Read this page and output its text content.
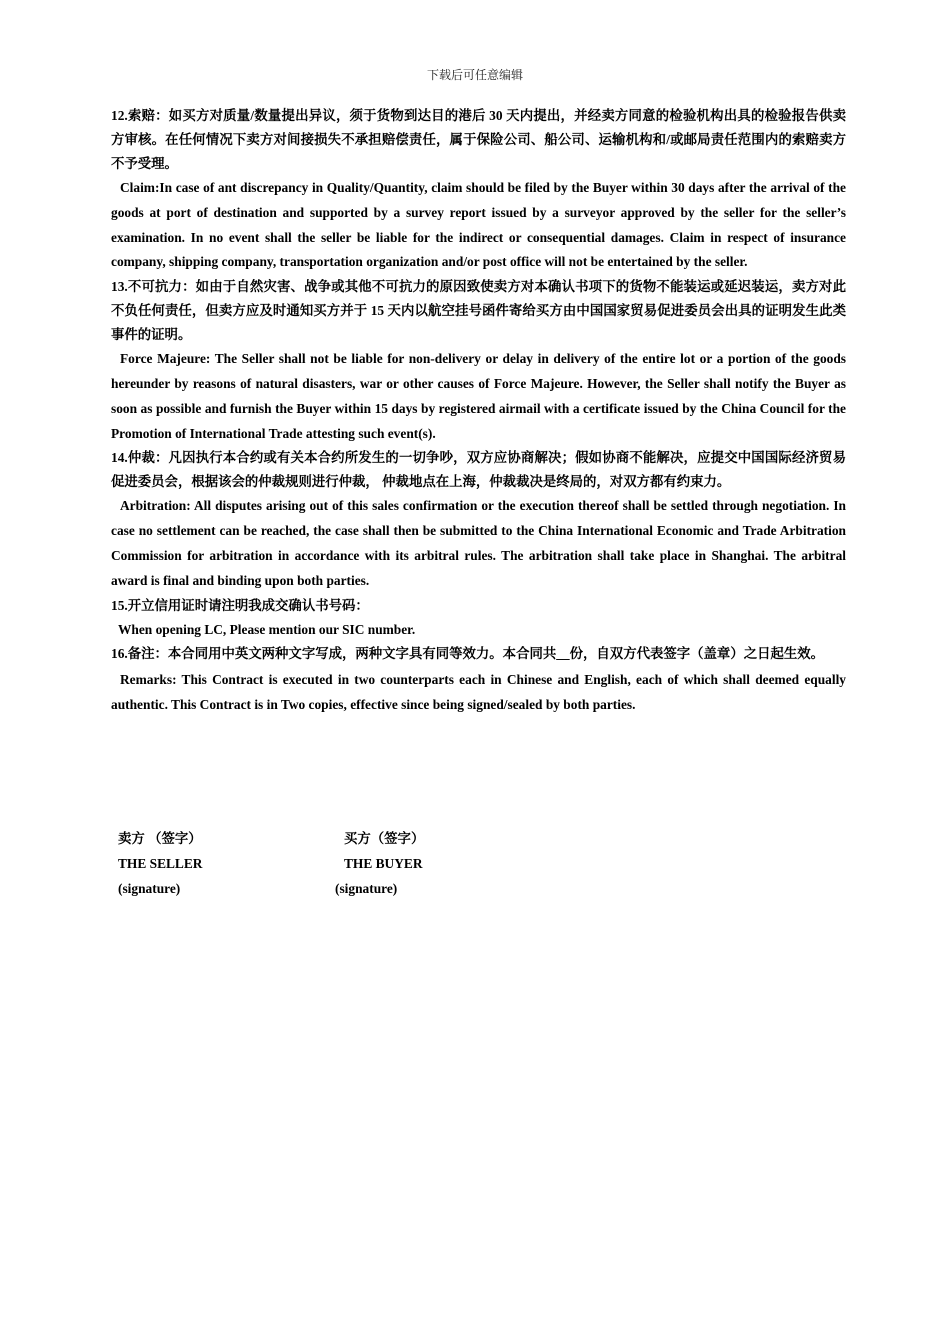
下载后可任意编辑

12.索赔：如买方对质量/数量提出异议，须于货物到达目的港后 30 天内提出，并经卖方同意的检验机构出具的检验报告供卖方审核。在任何情况下卖方对间接损失不承担赔偿责任，属于保险公司、船公司、运输机构和/或邮局责任范围内的索赔卖方不予受理。

Claim:In case of ant discrepancy in Quality/Quantity, claim should be filed by the Buyer within 30 days after the arrival of the goods at port of destination and supported by a survey report issued by a surveyor approved by the seller for the seller’s examination. In no event shall the seller be liable for the indirect or consequential damages. Claim in respect of insurance company, shipping company, transportation organization and/or post office will not be entertained by the seller.

13.不可抗力：如由于自然灾害、战争或其他不可抗力的原因致使卖方对本确认书项下的货物不能装运或延迟装运，卖方对此不负任何责任，但卖方应及时通知买方并于 15 天内以航空挂号函件寄给买方由中国国家贸易促进委员会出具的证明发生此类事件的证明。

Force Majeure: The Seller shall not be liable for non-delivery or delay in delivery of the entire lot or a portion of the goods hereunder by reasons of natural disasters, war or other causes of Force Majeure. However, the Seller shall notify the Buyer as soon as possible and furnish the Buyer within 15 days by registered airmail with a certificate issued by the China Council for the Promotion of International Trade attesting such event(s).

14.仲裁：凡因执行本合约或有关本合约所发生的一切争吵，双方应协商解决；假如协商不能解决，应提交中国国际经济贸易促进委员会，根据该会的仲裁规则进行仲裁， 仲裁地点在上海，仲裁裁决是终局的，对双方都有约束力。

Arbitration: All disputes arising out of this sales confirmation or the execution thereof shall be settled through negotiation. In case no settlement can be reached, the case shall then be submitted to the China International Economic and Trade Arbitration Commission for arbitration in accordance with its arbitral rules. The arbitration shall take place in Shanghai. The arbitral award is final and binding upon both parties.

15.开立信用证时请注明我成交确认书号码：

When opening LC, Please mention our SIC number.

16.备注：本合同用中英文两种文字写成，两种文字具有同等效力。本合同共__份，自双方代表签字（盖章）之日起生效。

Remarks: This Contract is executed in two counterparts each in Chinese and English, each of which shall deemed equally authentic. This Contract is in Two copies, effective since being signed/sealed by both parties.

卖方 （签字）	买方（签字）
THE SELLER	THE BUYER
(signature)	(signature)
